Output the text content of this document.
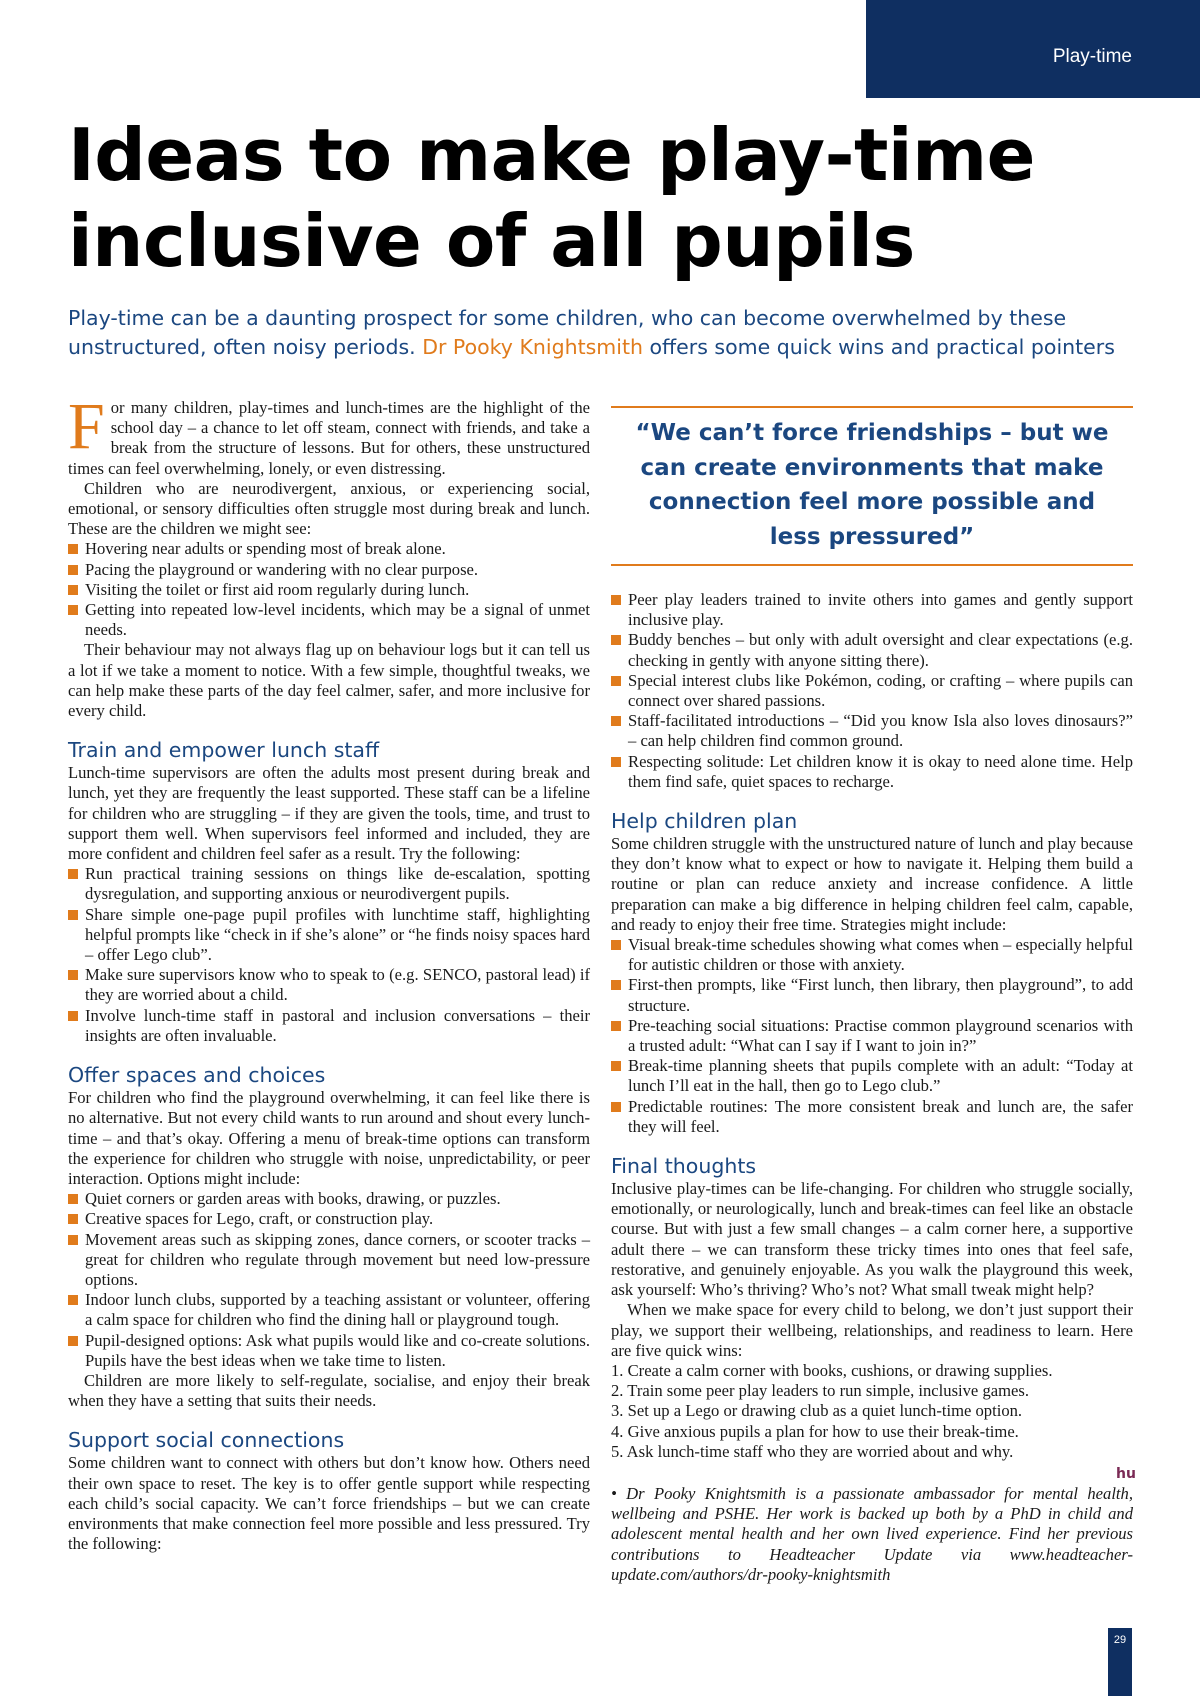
Play-time
Ideas to make play-time
inclusive of all pupils

Play-time can be a daunting prospect for some children, who can become overwhelmed by these unstructured, often noisy periods. Dr Pooky Knightsmith offers some quick wins and practical pointers

For many children, play-times and lunch-times are the highlight of the school day – a chance to let off steam, connect with friends, and take a break from the structure of lessons. But for others, these unstructured times can feel overwhelming, lonely, or even distressing.

Children who are neurodivergent, anxious, or experiencing social, emotional, or sensory difficulties often struggle most during break and lunch. These are the children we might see:

Hovering near adults or spending most of break alone.
Pacing the playground or wandering with no clear purpose.
Visiting the toilet or first aid room regularly during lunch.
Getting into repeated low-level incidents, which may be a signal of unmet needs.

Their behaviour may not always flag up on behaviour logs but it can tell us a lot if we take a moment to notice. With a few simple, thoughtful tweaks, we can help make these parts of the day feel calmer, safer, and more inclusive for every child.

Train and empower lunch staff

Lunch-time supervisors are often the adults most present during break and lunch, yet they are frequently the least supported. These staff can be a lifeline for children who are struggling – if they are given the tools, time, and trust to support them well. When supervisors feel informed and included, they are more confident and children feel safer as a result. Try the following:

Run practical training sessions on things like de-escalation, spotting dysregulation, and supporting anxious or neurodivergent pupils.
Share simple one-page pupil profiles with lunchtime staff, highlighting helpful prompts like “check in if she’s alone” or “he finds noisy spaces hard – offer Lego club”.
Make sure supervisors know who to speak to (e.g. SENCO, pastoral lead) if they are worried about a child.
Involve lunch-time staff in pastoral and inclusion conversations – their insights are often invaluable.
Offer spaces and choices

For children who find the playground overwhelming, it can feel like there is no alternative. But not every child wants to run around and shout every lunch-time – and that’s okay. Offering a menu of break-time options can transform the experience for children who struggle with noise, unpredictability, or peer interaction. Options might include:

Quiet corners or garden areas with books, drawing, or puzzles.
Creative spaces for Lego, craft, or construction play.
Movement areas such as skipping zones, dance corners, or scooter tracks – great for children who regulate through movement but need low-pressure options.
Indoor lunch clubs, supported by a teaching assistant or volunteer, offering a calm space for children who find the dining hall or playground tough.
Pupil-designed options: Ask what pupils would like and co-create solutions. Pupils have the best ideas when we take time to listen.

Children are more likely to self-regulate, socialise, and enjoy their break when they have a setting that suits their needs.

Support social connections

Some children want to connect with others but don’t know how. Others need their own space to reset. The key is to offer gentle support while respecting each child’s social capacity. We can’t force friendships – but we can create environments that make connection feel more possible and less pressured. Try the following:

“We can’t force friendships – but we can create environments that make connection feel more possible and less pressured”
Peer play leaders trained to invite others into games and gently support inclusive play.
Buddy benches – but only with adult oversight and clear expectations (e.g. checking in gently with anyone sitting there).
Special interest clubs like Pokémon, coding, or crafting – where pupils can connect over shared passions.
Staff-facilitated introductions – “Did you know Isla also loves dinosaurs?” – can help children find common ground.
Respecting solitude: Let children know it is okay to need alone time. Help them find safe, quiet spaces to recharge.
Help children plan

Some children struggle with the unstructured nature of lunch and play because they don’t know what to expect or how to navigate it. Helping them build a routine or plan can reduce anxiety and increase confidence. A little preparation can make a big difference in helping children feel calm, capable, and ready to enjoy their free time. Strategies might include:

Visual break-time schedules showing what comes when – especially helpful for autistic children or those with anxiety.
First-then prompts, like “First lunch, then library, then playground”, to add structure.
Pre-teaching social situations: Practise common playground scenarios with a trusted adult: “What can I say if I want to join in?”
Break-time planning sheets that pupils complete with an adult: “Today at lunch I’ll eat in the hall, then go to Lego club.”
Predictable routines: The more consistent break and lunch are, the safer they will feel.
Final thoughts

Inclusive play-times can be life-changing. For children who struggle socially, emotionally, or neurologically, lunch and break-times can feel like an obstacle course. But with just a few small changes – a calm corner here, a supportive adult there – we can transform these tricky times into ones that feel safe, restorative, and genuinely enjoyable. As you walk the playground this week, ask yourself: Who’s thriving? Who’s not? What small tweak might help?

When we make space for every child to belong, we don’t just support their play, we support their wellbeing, relationships, and readiness to learn. Here are five quick wins:

1. Create a calm corner with books, cushions, or drawing supplies.
2. Train some peer play leaders to run simple, inclusive games.
3. Set up a Lego or drawing club as a quiet lunch-time option.
4. Give anxious pupils a plan for how to use their break-time.
5. Ask lunch-time staff who they are worried about and why.

• Dr Pooky Knightsmith is a passionate ambassador for mental health, wellbeing and PSHE. Her work is backed up both by a PhD in child and adolescent mental health and her own lived experience. Find her previous contributions to Headteacher Update via www.headteacher-update.com/authors/dr-pooky-knightsmith

hu
29
